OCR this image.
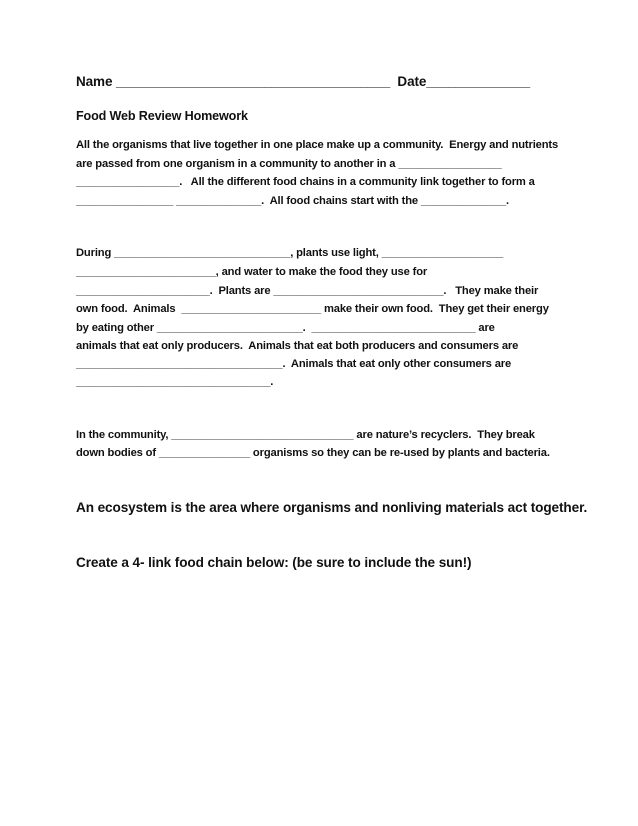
Name _____________________________________  Date______________
Food Web Review Homework
All the organisms that live together in one place make up a community.  Energy and nutrients
are passed from one organism in a community to another in a _________________
_________________.   All the different food chains in a community link together to form a
________________ ______________.  All food chains start with the ______________.
During _____________________________, plants use light, ____________________
_______________________, and water to make the food they use for
______________________.  Plants are ____________________________.   They make their
own food.  Animals  _______________________ make their own food.  They get their energy
by eating other ________________________.  ___________________________ are
animals that eat only producers.  Animals that eat both producers and consumers are
__________________________________.  Animals that eat only other consumers are
________________________________.
In the community, ______________________________ are nature’s recyclers.  They break
down bodies of _______________ organisms so they can be re-used by plants and bacteria.
An ecosystem is the area where organisms and nonliving materials act together.
Create a 4- link food chain below: (be sure to include the sun!)
